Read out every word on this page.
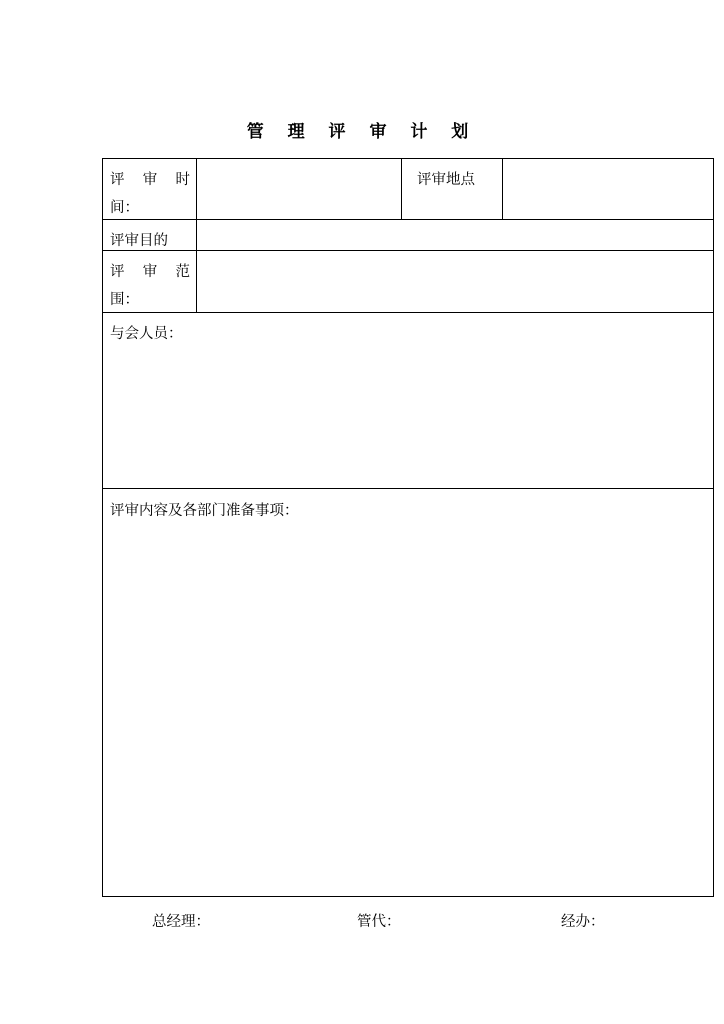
管 理 评 审 计 划
评 审 时
间：
评审地点
评审目的
评 审 范
围：
与会人员：
评审内容及各部门准备事项：
总经理：	管代：	经办：
